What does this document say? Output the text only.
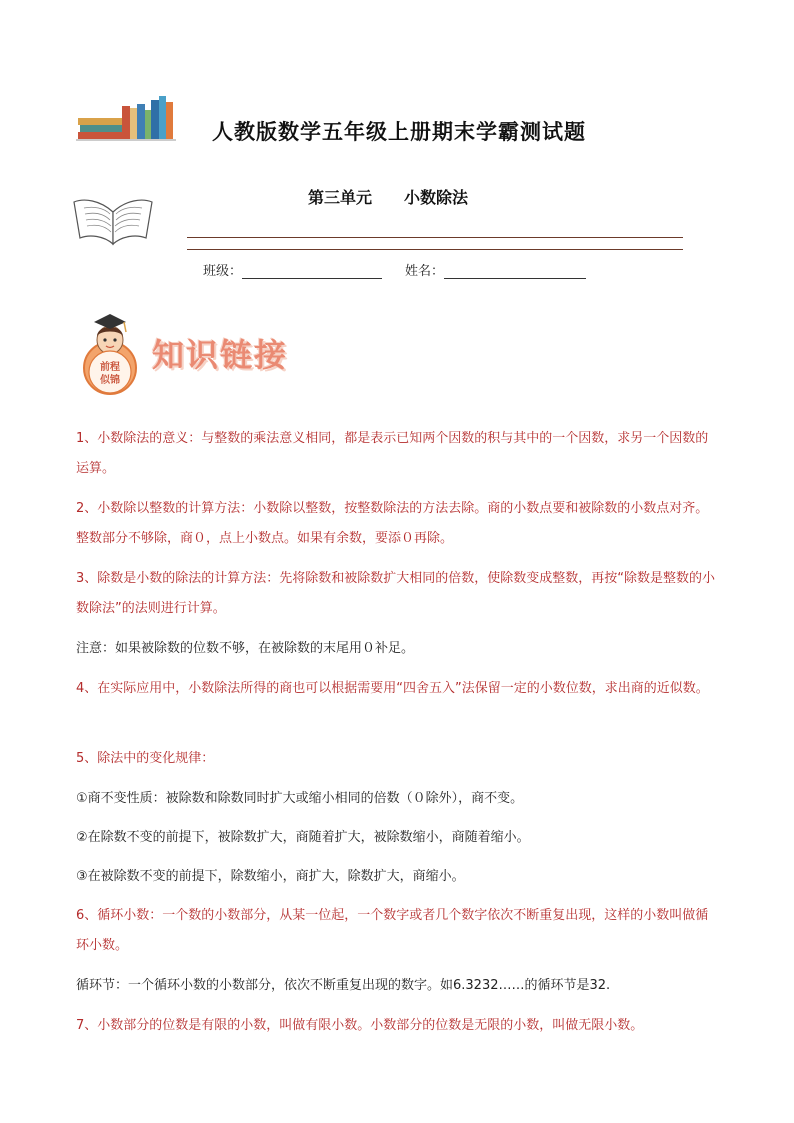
人教版数学五年级上册期末学霸测试题
第三单元 小数除法
班级：	姓名：
前程
似锦
知识链接
1、小数除法的意义：与整数的乘法意义相同，都是表示已知两个因数的积与其中的一个因数，求另一个因数的运算。
2、小数除以整数的计算方法：小数除以整数，按整数除法的方法去除。商的小数点要和被除数的小数点对齐。整数部分不够除，商０，点上小数点。如果有余数，要添０再除。
3、除数是小数的除法的计算方法：先将除数和被除数扩大相同的倍数，使除数变成整数，再按“除数是整数的小数除法”的法则进行计算。
注意：如果被除数的位数不够，在被除数的末尾用０补足。
4、在实际应用中，小数除法所得的商也可以根据需要用“四舍五入”法保留一定的小数位数，求出商的近似数。
5、除法中的变化规律：
①商不变性质：被除数和除数同时扩大或缩小相同的倍数（０除外），商不变。
②在除数不变的前提下，被除数扩大，商随着扩大，被除数缩小，商随着缩小。
③在被除数不变的前提下，除数缩小，商扩大，除数扩大，商缩小。
6、循环小数：一个数的小数部分，从某一位起，一个数字或者几个数字依次不断重复出现，这样的小数叫做循环小数。
循环节：一个循环小数的小数部分，依次不断重复出现的数字。如6.3232……的循环节是32.
7、小数部分的位数是有限的小数，叫做有限小数。小数部分的位数是无限的小数，叫做无限小数。
